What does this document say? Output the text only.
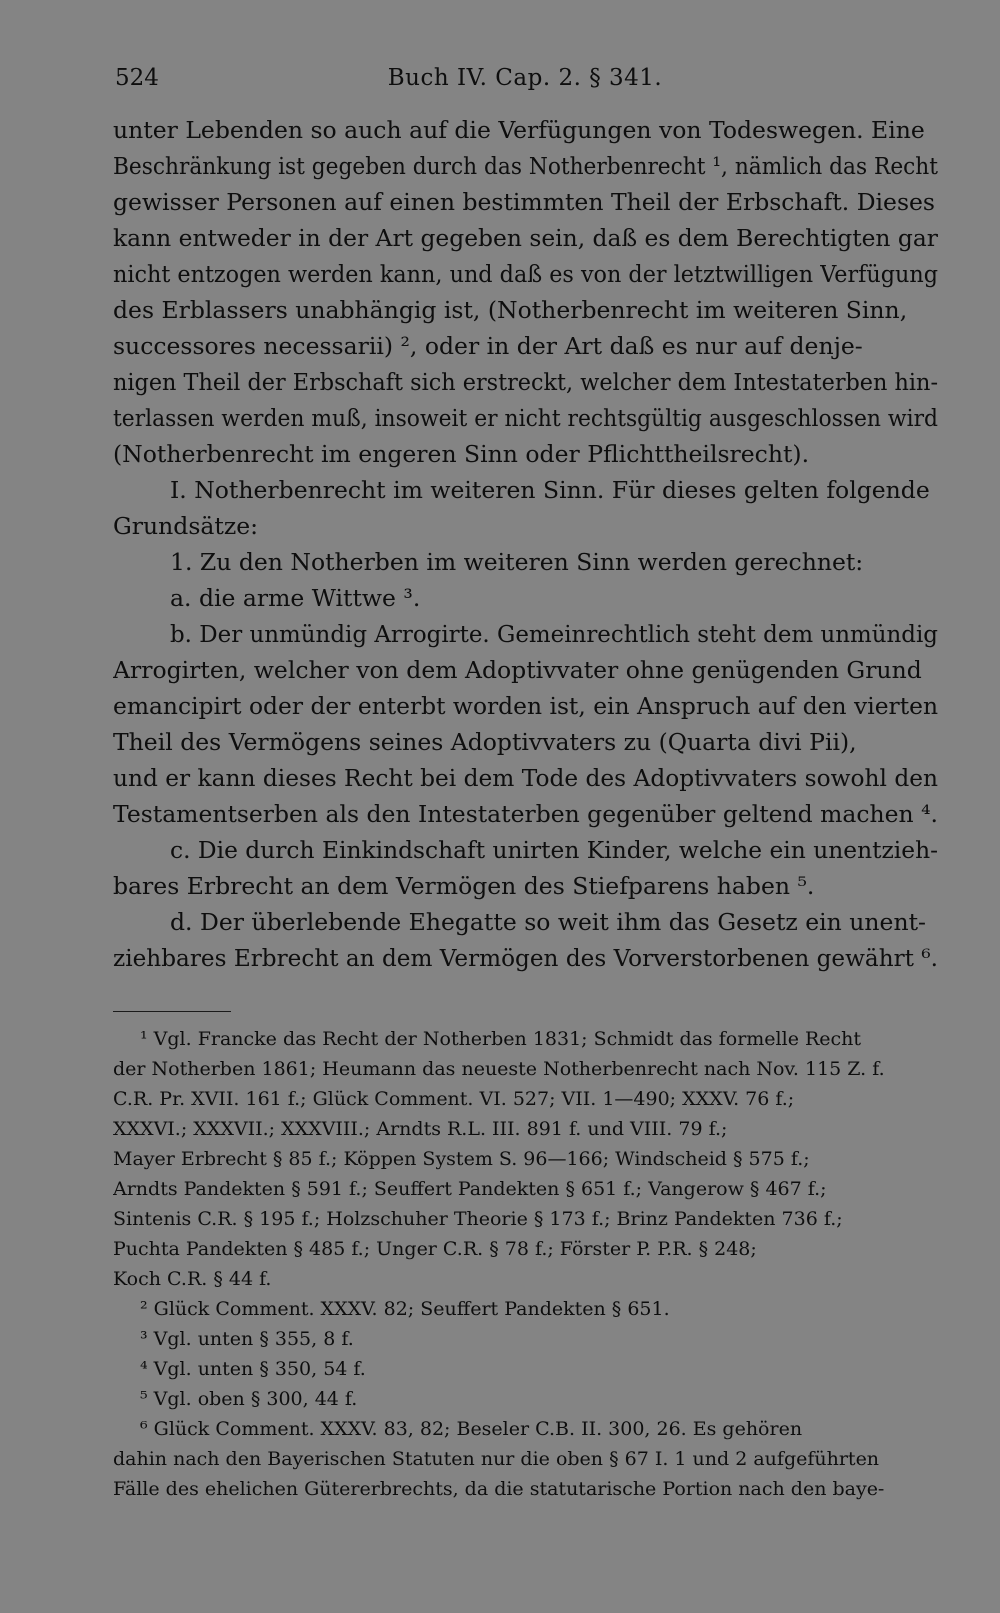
524	Buch IV. Cap. 2. § 341.
unter Lebenden so auch auf die Verfügungen von Todeswegen. Eine
Beschränkung ist gegeben durch das Notherbenrecht ¹, nämlich das Recht
gewisser Personen auf einen bestimmten Theil der Erbschaft. Dieses
kann entweder in der Art gegeben sein, daß es dem Berechtigten gar
nicht entzogen werden kann, und daß es von der letztwilligen Verfügung
des Erblassers unabhängig ist, (Notherbenrecht im weiteren Sinn,
successores necessarii) ², oder in der Art daß es nur auf denje-
nigen Theil der Erbschaft sich erstreckt, welcher dem Intestaterben hin-
terlassen werden muß, insoweit er nicht rechtsgültig ausgeschlossen wird
(Notherbenrecht im engeren Sinn oder Pflichttheilsrecht).
I. Notherbenrecht im weiteren Sinn. Für dieses gelten folgende
Grundsätze:
1. Zu den Notherben im weiteren Sinn werden gerechnet:
a. die arme Wittwe ³.
b. Der unmündig Arrogirte. Gemeinrechtlich steht dem unmündig
Arrogirten, welcher von dem Adoptivvater ohne genügenden Grund
emancipirt oder der enterbt worden ist, ein Anspruch auf den vierten
Theil des Vermögens seines Adoptivvaters zu (Quarta divi Pii),
und er kann dieses Recht bei dem Tode des Adoptivvaters sowohl den
Testamentserben als den Intestaterben gegenüber geltend machen ⁴.
c. Die durch Einkindschaft unirten Kinder, welche ein unentzieh-
bares Erbrecht an dem Vermögen des Stiefparens haben ⁵.
d. Der überlebende Ehegatte so weit ihm das Gesetz ein unent-
ziehbares Erbrecht an dem Vermögen des Vorverstorbenen gewährt ⁶.
¹ Vgl. Francke das Recht der Notherben 1831; Schmidt das formelle Recht
der Notherben 1861; Heumann das neueste Notherbenrecht nach Nov. 115 Z. f.
C.R. Pr. XVII. 161 f.; Glück Comment. VI. 527; VII. 1—490; XXXV. 76 f.;
XXXVI.; XXXVII.; XXXVIII.; Arndts R.L. III. 891 f. und VIII. 79 f.;
Mayer Erbrecht § 85 f.; Köppen System S. 96—166; Windscheid § 575 f.;
Arndts Pandekten § 591 f.; Seuffert Pandekten § 651 f.; Vangerow § 467 f.;
Sintenis C.R. § 195 f.; Holzschuher Theorie § 173 f.; Brinz Pandekten 736 f.;
Puchta Pandekten § 485 f.; Unger C.R. § 78 f.; Förster P. P.R. § 248;
Koch C.R. § 44 f.
² Glück Comment. XXXV. 82; Seuffert Pandekten § 651.
³ Vgl. unten § 355, 8 f.
⁴ Vgl. unten § 350, 54 f.
⁵ Vgl. oben § 300, 44 f.
⁶ Glück Comment. XXXV. 83, 82; Beseler C.B. II. 300, 26. Es gehören
dahin nach den Bayerischen Statuten nur die oben § 67 I. 1 und 2 aufgeführten
Fälle des ehelichen Gütererbrechts, da die statutarische Portion nach den baye-
